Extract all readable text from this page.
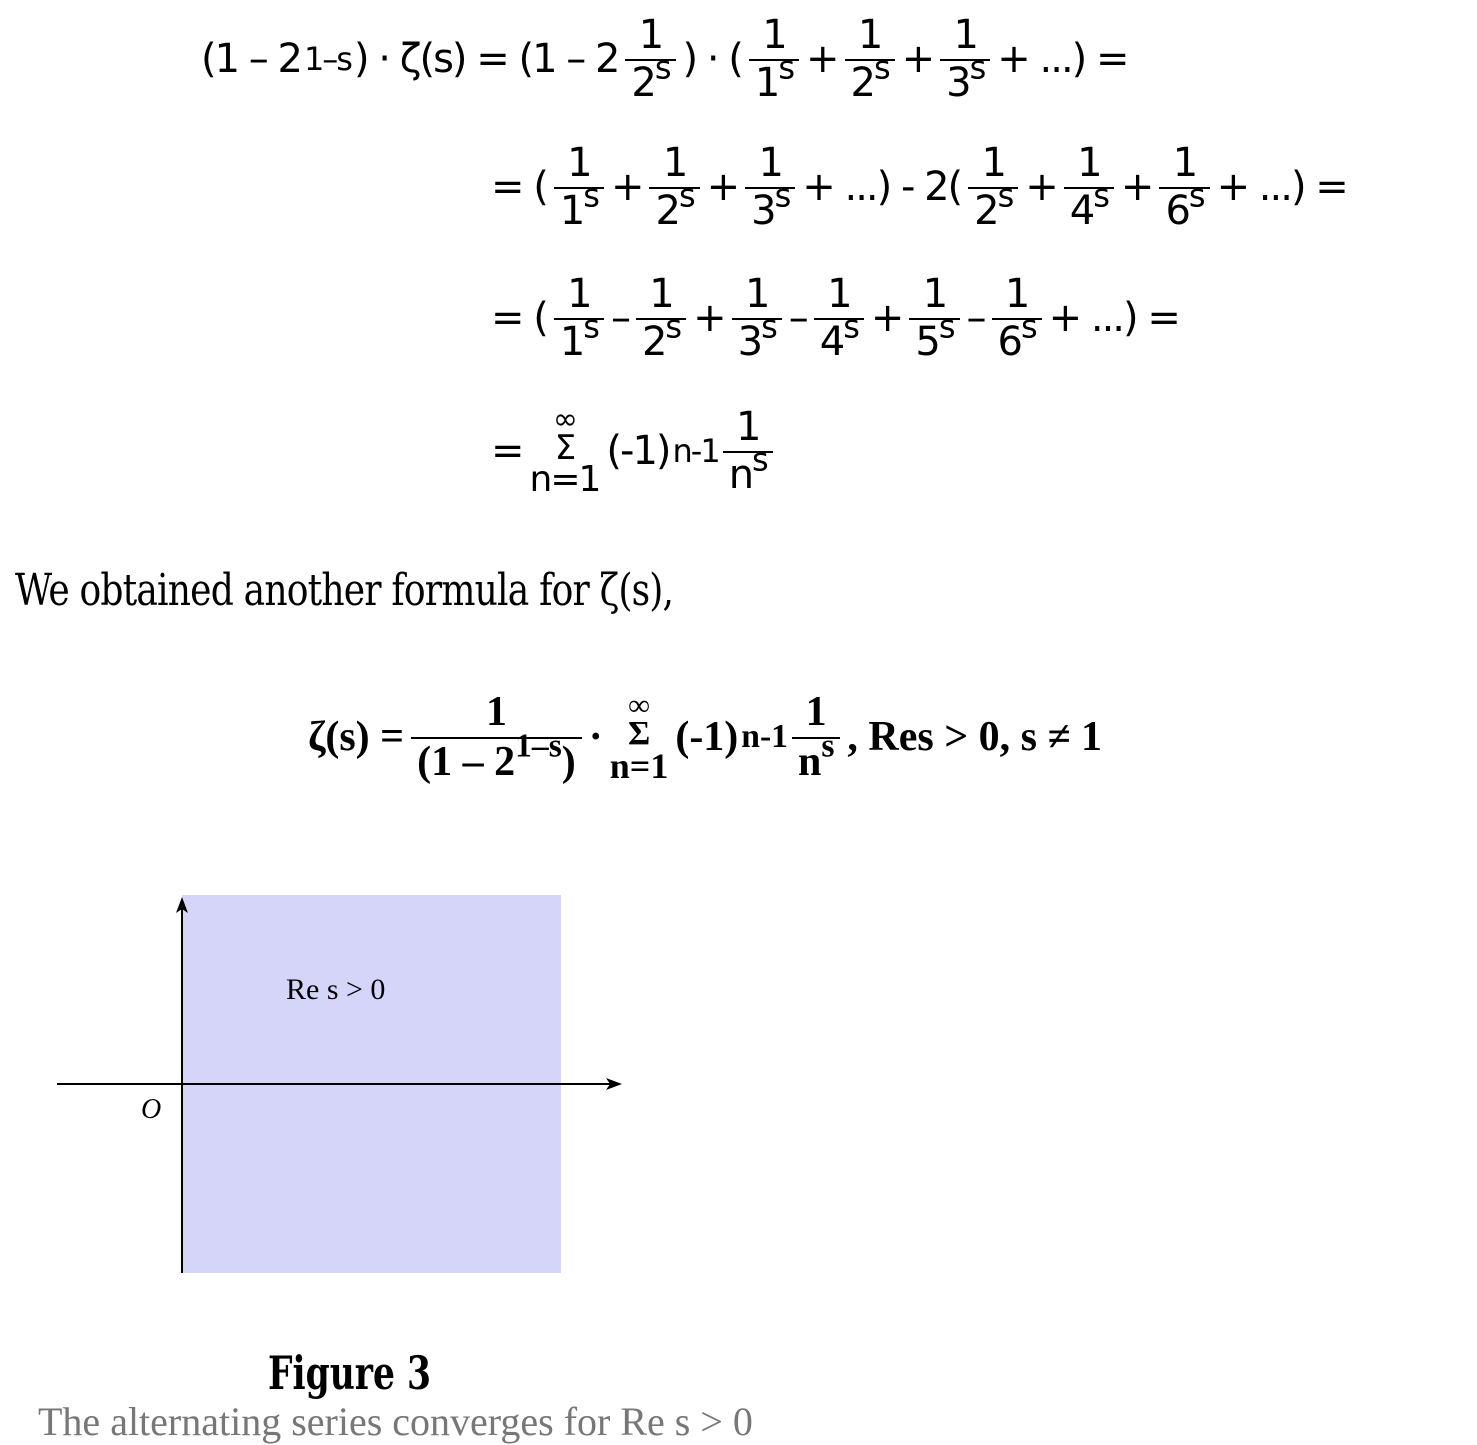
(1 – 2 1–s ) · $\zeta(s) = (1 - 2 \frac{1}{2^s}$ ) · ( $\frac{1}{1^s} + \frac{1}{2^s} + \frac{1}{3^s}$ + ...) =
= ( $\frac{1}{1^s} + \frac{1}{2^s} + \frac{1}{3^s}$ + ...) - $2( \frac{1}{2^s} + \frac{1}{4^s} + \frac{1}{6^s}$ + ...) =
= ( $\frac{1}{1^s} - \frac{1}{2^s} + \frac{1}{3^s} - \frac{1}{4^s} + \frac{1}{5^s} - \frac{1}{6^s}$ + ...) =
=
∞
Σ
n=1
(-1) $n-1 \frac{1}{n^s}$
We obtained another formula for ζ(s),
$\zeta(s) = \frac{1}{(1 - 2^{1-s})}$ ·
∞
Σ
n=1
(-1) $n-1 \frac{1}{n^s}$ , Res > 0, s ≠ 1
Re s > 0
O
Figure 3
The alternating series converges for Re s > 0
